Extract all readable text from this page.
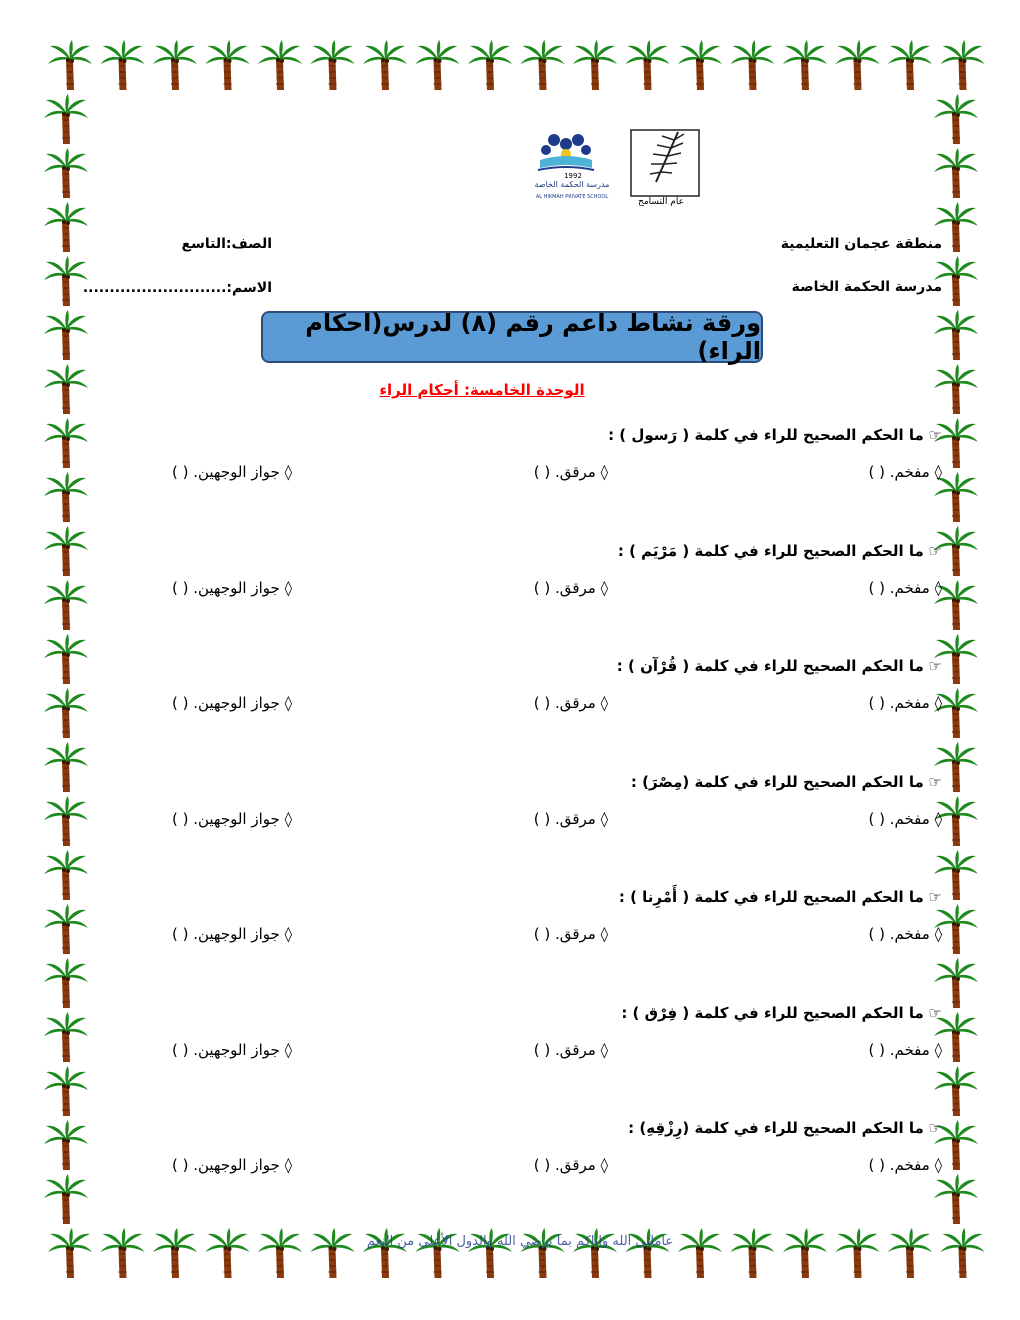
عام التسامح
1992
مدرسة الحكمة الخاصة
AL HIKMAH PRIVATE SCHOOL
منطقة عجمان التعليمية
مدرسة الحكمة الخاصة
الصف:التاسع
الاسم:...........................
ورقة نشاط داعم رقم (٨) لدرس(احكام الراء)
الوحدة الخامسة: أحكام الراء
☞ ما الحكم الصحيح للراء في كلمة ( رَسول ) :
◊ مفخم. ( )
◊ مرقق. ( )
◊ جواز الوجهين. ( )
☞ ما الحكم الصحيح للراء في كلمة ( مَرْيَم ) :
◊ مفخم. ( )
◊ مرقق. ( )
◊ جواز الوجهين. ( )
☞ ما الحكم الصحيح للراء في كلمة ( قُرْآن ) :
◊ مفخم. ( )
◊ مرقق. ( )
◊ جواز الوجهين. ( )
☞ ما الحكم الصحيح للراء في كلمة (مِصْرَ) :
◊ مفخم. ( )
◊ مرقق. ( )
◊ جواز الوجهين. ( )
☞ ما الحكم الصحيح للراء في كلمة ( أَمْرِنا ) :
◊ مفخم. ( )
◊ مرقق. ( )
◊ جواز الوجهين. ( )
☞ ما الحكم الصحيح للراء في كلمة ( فِرْق ) :
◊ مفخم. ( )
◊ مرقق. ( )
◊ جواز الوجهين. ( )
☞ ما الحكم الصحيح للراء في كلمة (رِزْقِهِ) :
◊ مفخم. ( )
◊ مرقق. ( )
◊ جواز الوجهين. ( )
عاملني الله وإياكم بما يرضي الله والدول الأعلى من النعم
